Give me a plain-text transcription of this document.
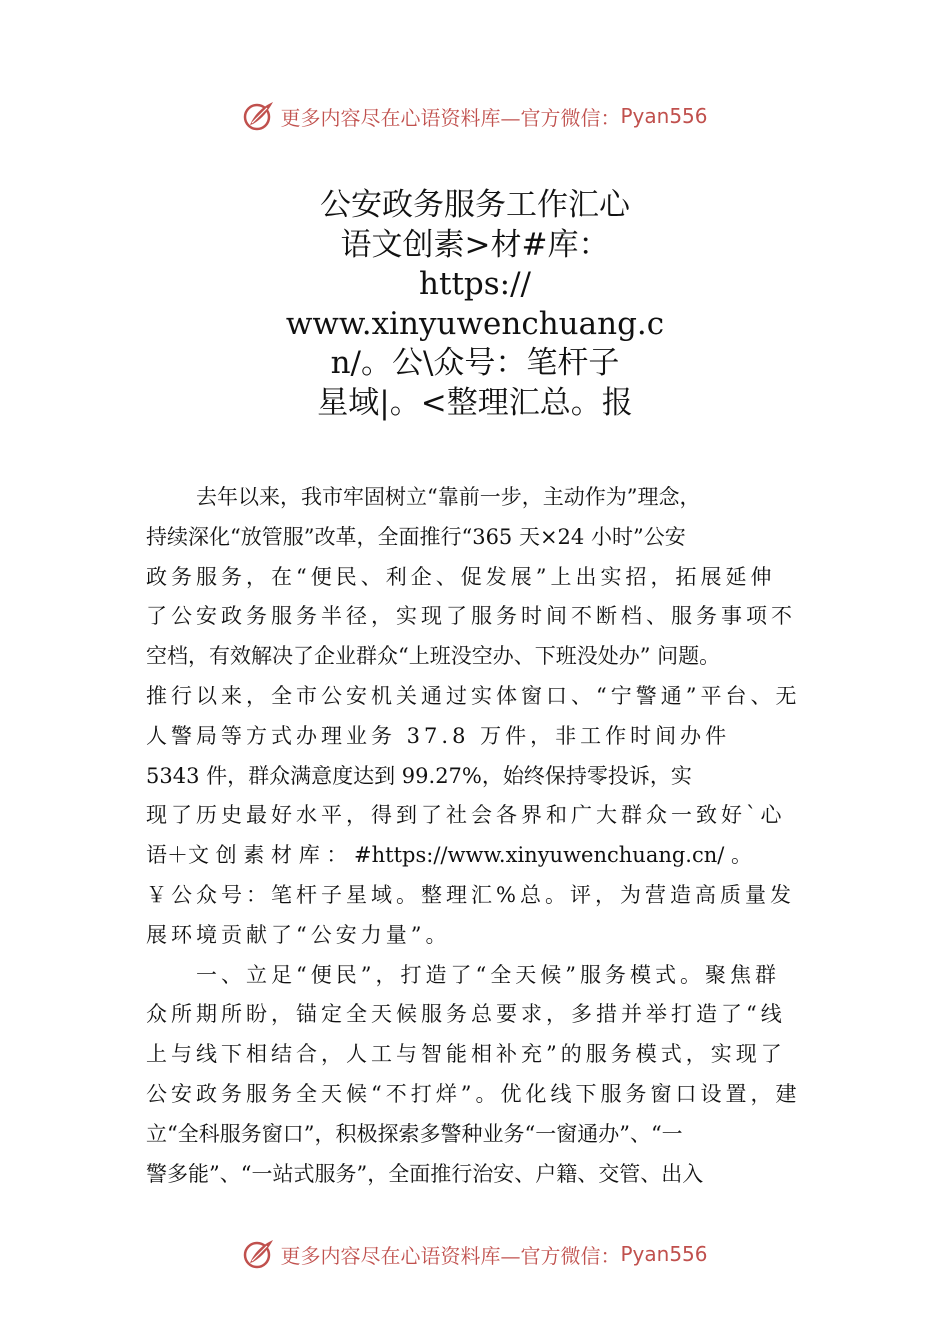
更多内容尽在心语资料库—官方微信： Pyan556
公安政务服务工作汇心
语文创素>材#库：
https://
www.xinyuwenchuang.c
n/。公\众号：笔杆子
星域|。<整理汇总。报
去年以来，我市牢固树立“靠前一步，主动作为”理念，
持续深化“放管服”改革，全面推行“365 天×24 小时”公安
政务服务，在“便民、利企、促发展”上出实招，拓展延伸
了公安政务服务半径，实现了服务时间不断档、服务事项不
空档，有效解决了企业群众“上班没空办、下班没处办” 问题。
推行以来，全市公安机关通过实体窗口、“宁警通”平台、无
人警局等方式办理业务 37.8 万件，非工作时间办件
5343 件，群众满意度达到 99.27%，始终保持零投诉，实
现了历史最好水平，得到了社会各界和广大群众一致好`心
语＋文 创 素 材 库 ： #https://www.xinyuwenchuang.cn/ 。
￥公众号：笔杆子星域。整理汇%总。评，为营造高质量发
展环境贡献了“公安力量”。
一、立足“便民”，打造了“全天候”服务模式。聚焦群
众所期所盼，锚定全天候服务总要求，多措并举打造了“线
上与线下相结合，人工与智能相补充”的服务模式，实现了
公安政务服务全天候“不打烊”。优化线下服务窗口设置，建
立“全科服务窗口”，积极探索多警种业务“一窗通办”、“一
警多能”、“一站式服务”，全面推行治安、户籍、交管、出入
更多内容尽在心语资料库—官方微信： Pyan556
